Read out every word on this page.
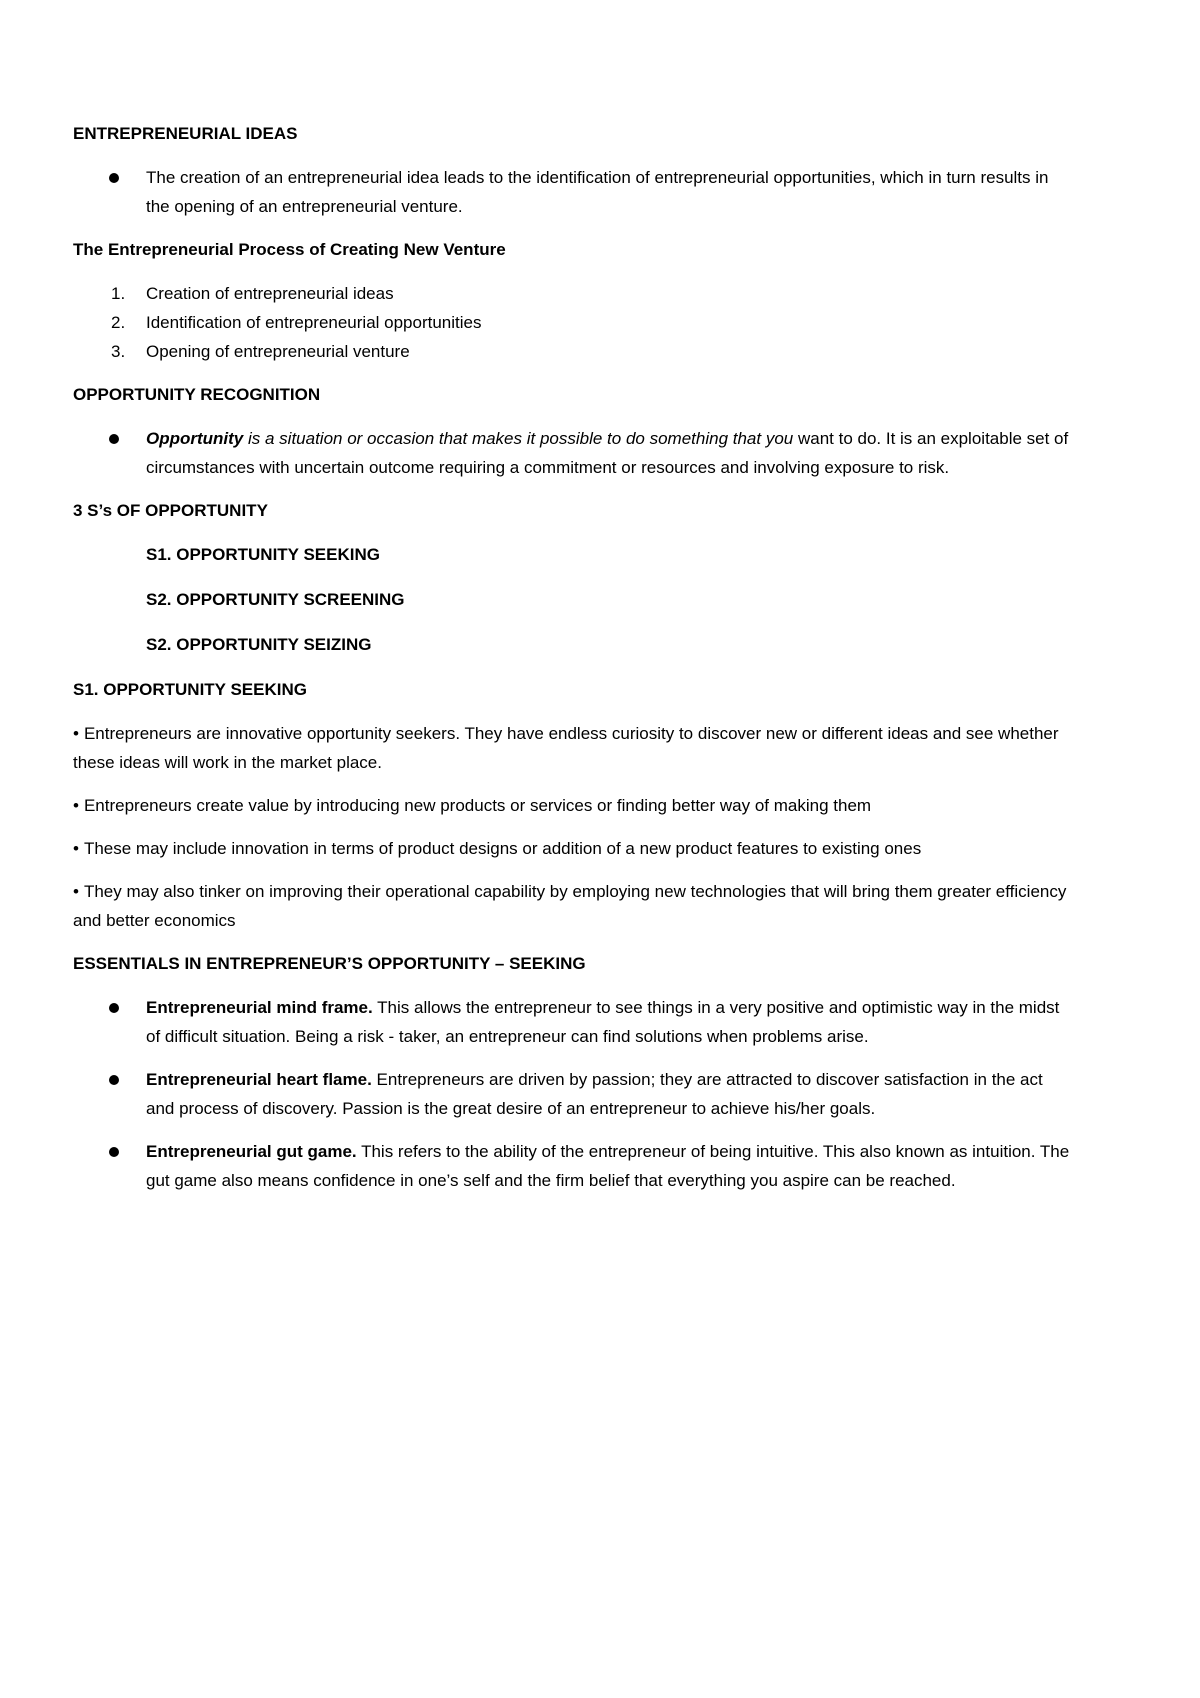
ENTREPRENEURIAL IDEAS
The creation of an entrepreneurial idea leads to the identification of entrepreneurial opportunities, which in turn results in the opening of an entrepreneurial venture.
The Entrepreneurial Process of Creating New Venture
1. Creation of entrepreneurial ideas
2. Identification of entrepreneurial opportunities
3. Opening of entrepreneurial venture
OPPORTUNITY RECOGNITION
Opportunity is a situation or occasion that makes it possible to do something that you want to do. It is an exploitable set of circumstances with uncertain outcome requiring a commitment or resources and involving exposure to risk.
3 S’s OF OPPORTUNITY
S1. OPPORTUNITY SEEKING
S2. OPPORTUNITY SCREENING
S2. OPPORTUNITY SEIZING
S1. OPPORTUNITY SEEKING
• Entrepreneurs are innovative opportunity seekers. They have endless curiosity to discover new or different ideas and see whether these ideas will work in the market place.
• Entrepreneurs create value by introducing new products or services or finding better way of making them
• These may include innovation in terms of product designs or addition of a new product features to existing ones
• They may also tinker on improving their operational capability by employing new technologies that will bring them greater efficiency and better economics
ESSENTIALS IN ENTREPRENEUR’S OPPORTUNITY – SEEKING
Entrepreneurial mind frame. This allows the entrepreneur to see things in a very positive and optimistic way in the midst of difficult situation. Being a risk - taker, an entrepreneur can find solutions when problems arise.
Entrepreneurial heart flame. Entrepreneurs are driven by passion; they are attracted to discover satisfaction in the act and process of discovery. Passion is the great desire of an entrepreneur to achieve his/her goals.
Entrepreneurial gut game. This refers to the ability of the entrepreneur of being intuitive. This also known as intuition. The gut game also means confidence in one’s self and the firm belief that everything you aspire can be reached.
